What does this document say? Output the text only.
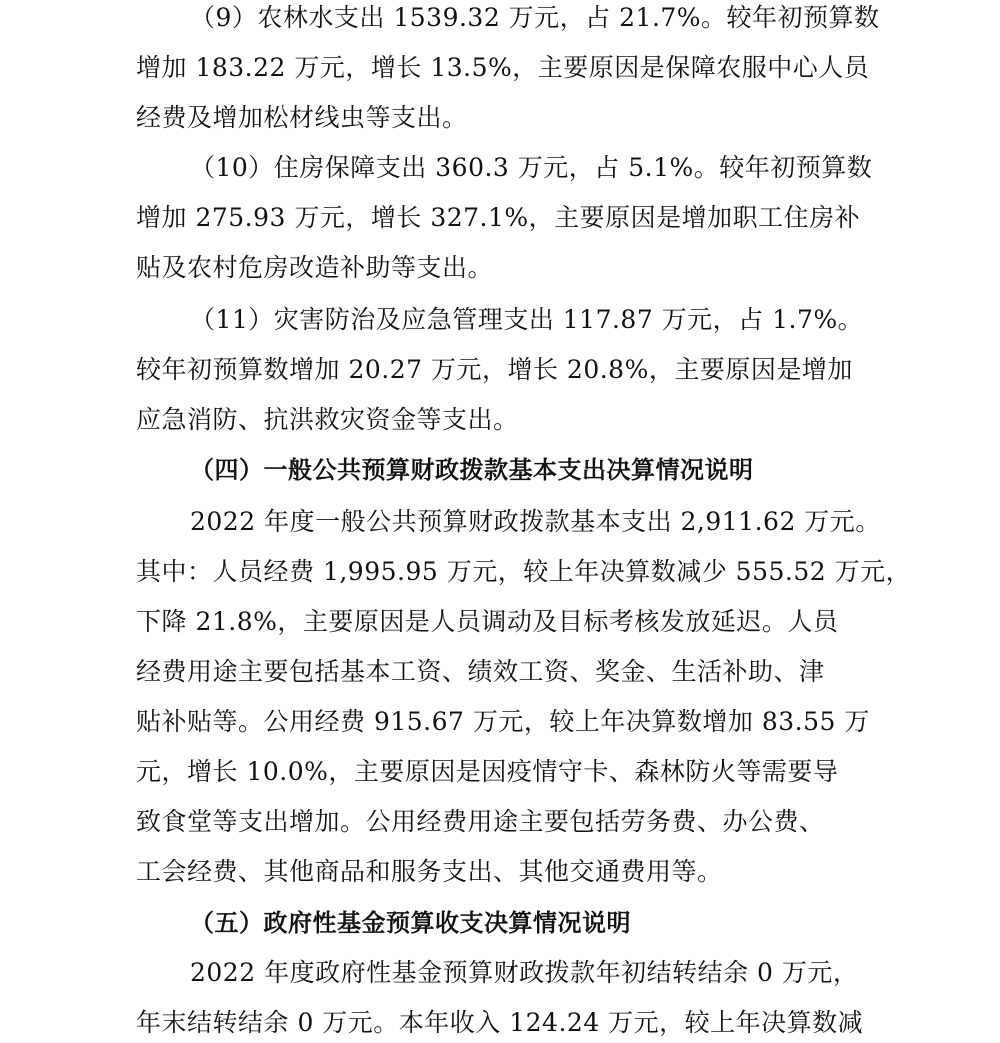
（9）农林水支出 1539.32 万元，占 21.7%。较年初预算数
增加 183.22 万元，增长 13.5%，主要原因是保障农服中心人员
经费及增加松材线虫等支出。
（10）住房保障支出 360.3 万元，占 5.1%。较年初预算数
增加 275.93 万元，增长 327.1%，主要原因是增加职工住房补
贴及农村危房改造补助等支出。
（11）灾害防治及应急管理支出 117.87 万元，占 1.7%。
较年初预算数增加 20.27 万元，增长 20.8%，主要原因是增加
应急消防、抗洪救灾资金等支出。
（四）一般公共预算财政拨款基本支出决算情况说明
2022 年度一般公共预算财政拨款基本支出 2,911.62 万元。
其中：人员经费 1,995.95 万元，较上年决算数减少 555.52 万元，
下降 21.8%，主要原因是人员调动及目标考核发放延迟。人员
经费用途主要包括基本工资、绩效工资、奖金、生活补助、津
贴补贴等。公用经费 915.67 万元，较上年决算数增加 83.55 万
元，增长 10.0%，主要原因是因疫情守卡、森林防火等需要导
致食堂等支出增加。公用经费用途主要包括劳务费、办公费、
工会经费、其他商品和服务支出、其他交通费用等。
（五）政府性基金预算收支决算情况说明
2022 年度政府性基金预算财政拨款年初结转结余 0 万元，
年末结转结余 0 万元。本年收入 124.24 万元，较上年决算数减
